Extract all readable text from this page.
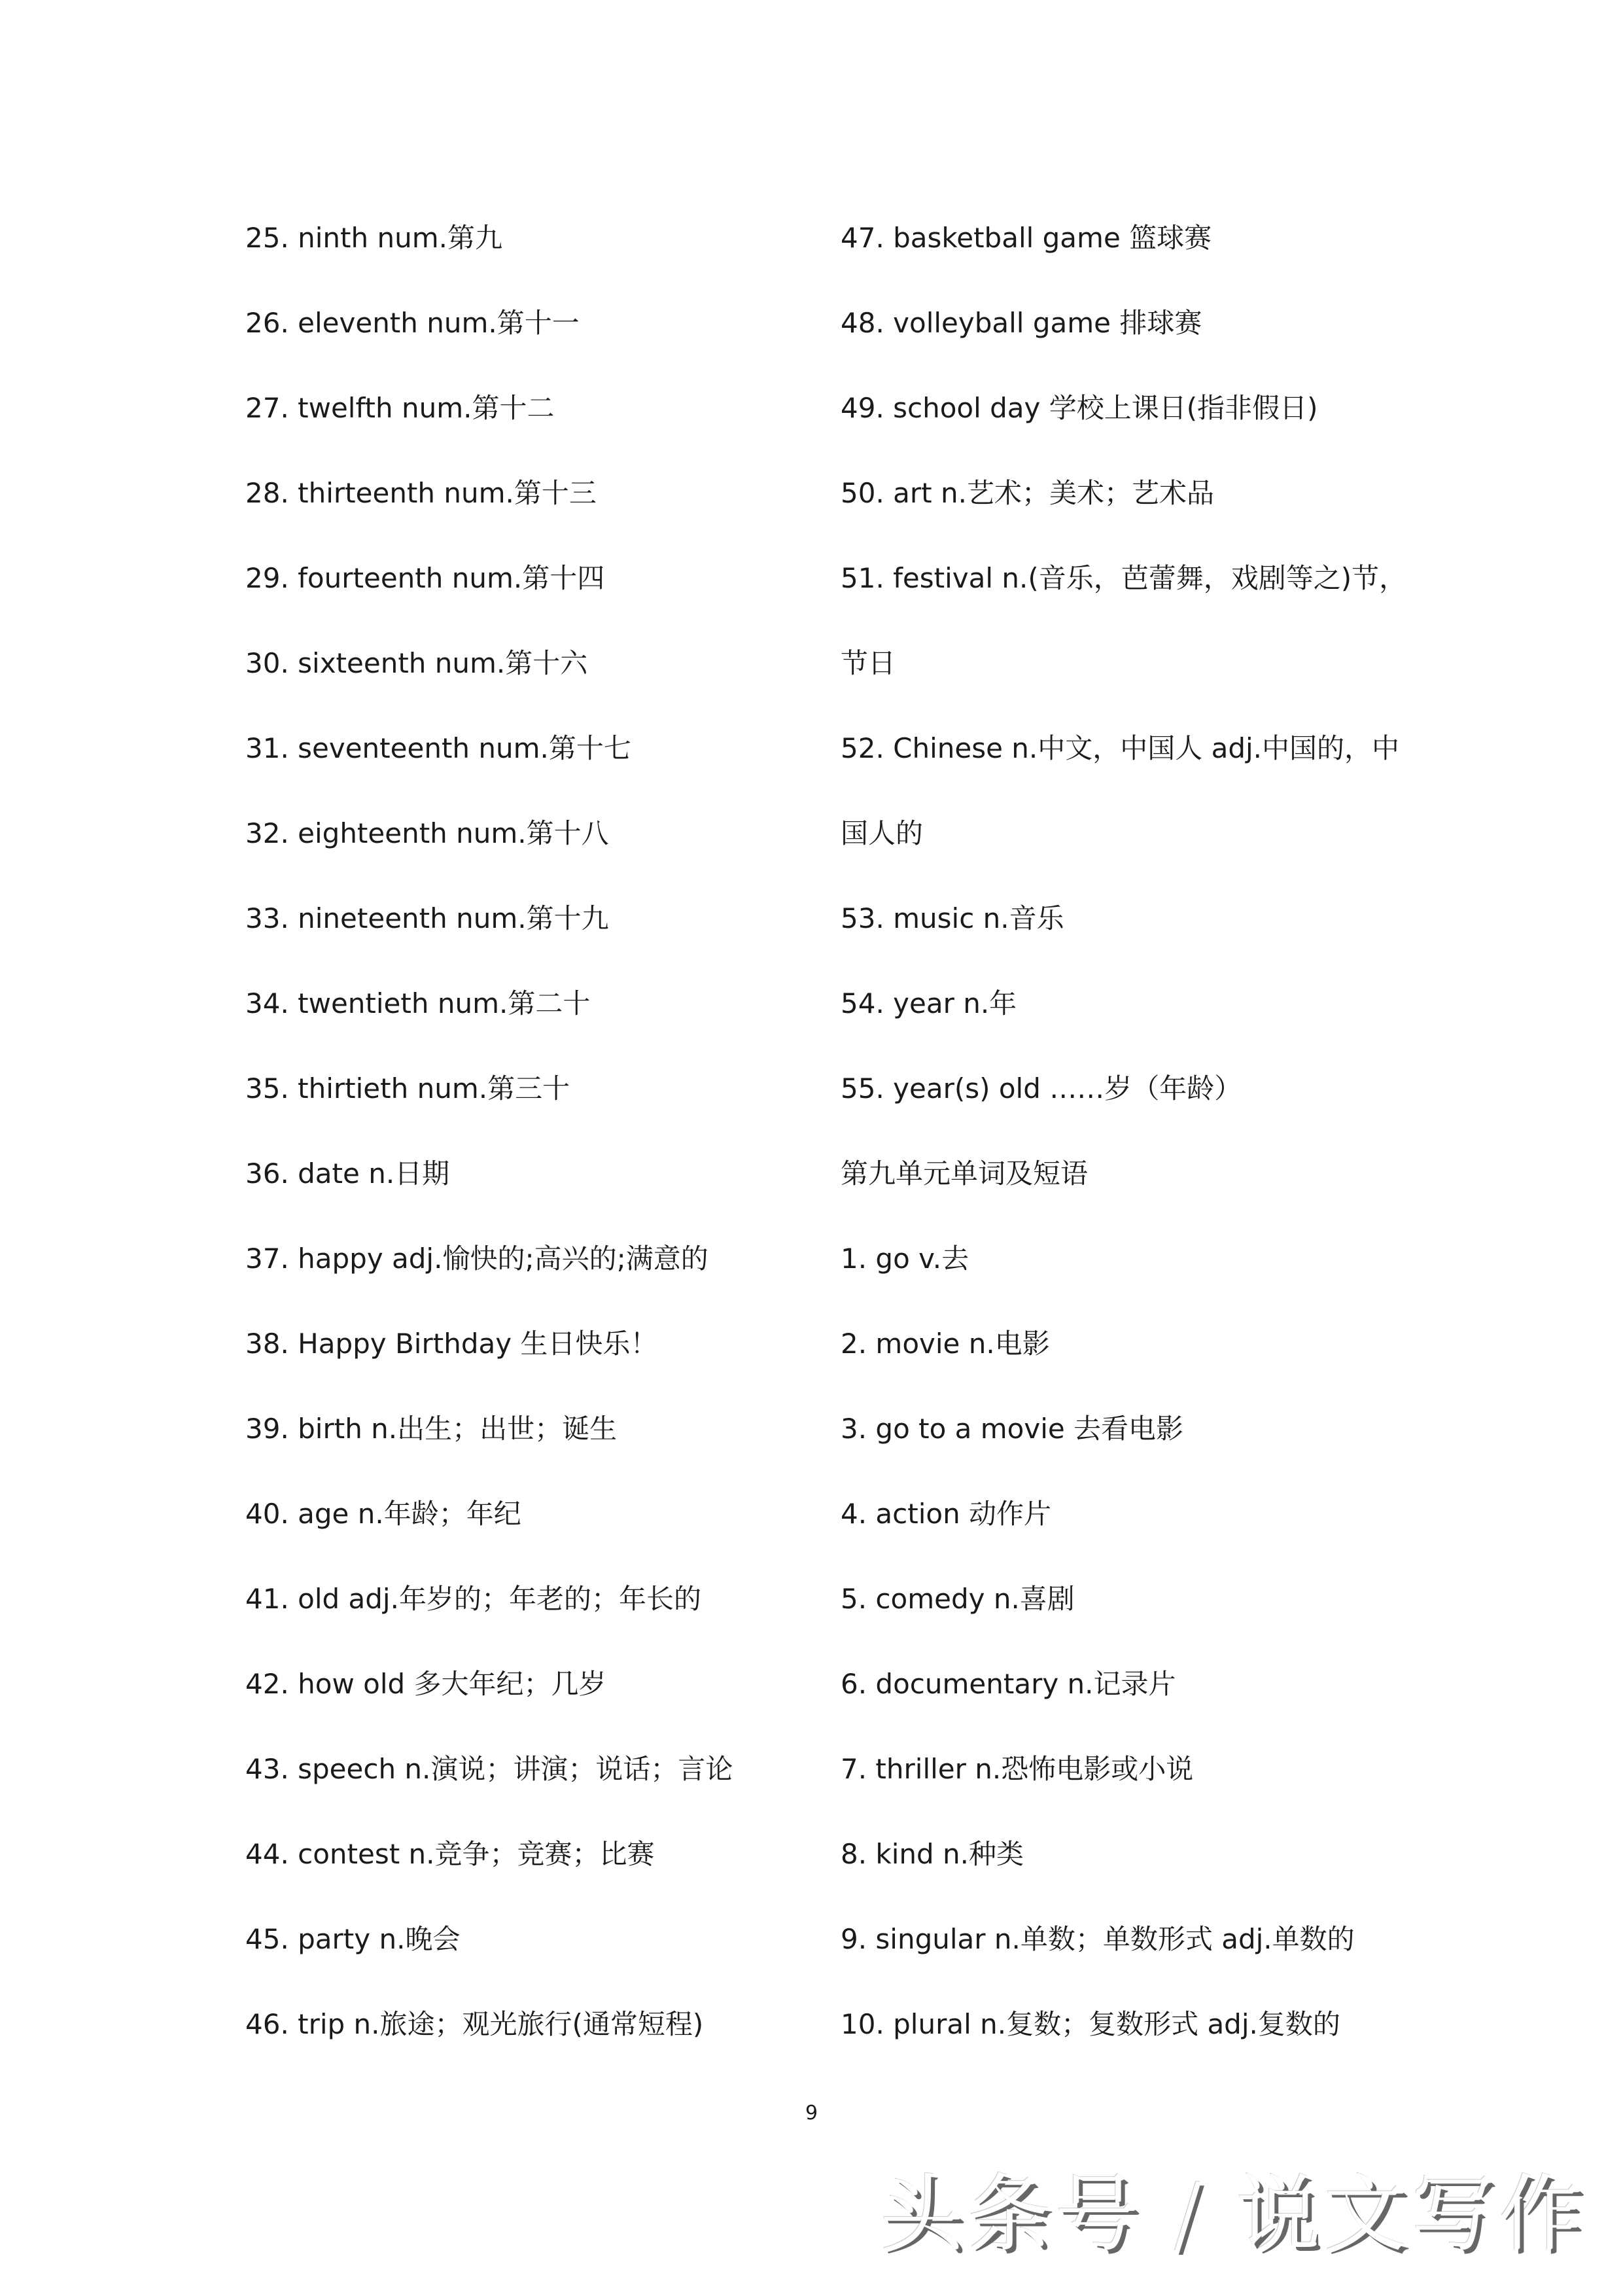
25. ninth num.第九
26. eleventh num.第十一
27. twelfth num.第十二
28. thirteenth num.第十三
29. fourteenth num.第十四
30. sixteenth num.第十六
31. seventeenth num.第十七
32. eighteenth num.第十八
33. nineteenth num.第十九
34. twentieth num.第二十
35. thirtieth num.第三十
36. date n.日期
37. happy adj.愉快的;高兴的;满意的
38. Happy Birthday 生日快乐！
39. birth n.出生；出世；诞生
40. age n.年龄；年纪
41. old adj.年岁的；年老的；年长的
42. how old 多大年纪；几岁
43. speech n.演说；讲演；说话；言论
44. contest n.竞争；竞赛；比赛
45. party n.晚会
46. trip n.旅途；观光旅行(通常短程)
47. basketball game 篮球赛
48. volleyball game 排球赛
49. school day 学校上课日(指非假日)
50. art n.艺术；美术；艺术品
51. festival n.(音乐，芭蕾舞，戏剧等之)节，
节日
52. Chinese n.中文，中国人 adj.中国的，中
国人的
53. music n.音乐
54. year n.年
55. year(s) old ……岁（年龄）
第九单元单词及短语
1. go v.去
2. movie n.电影
3. go to a movie 去看电影
4. action 动作片
5. comedy n.喜剧
6. documentary n.记录片
7. thriller n.恐怖电影或小说
8. kind n.种类
9. singular n.单数；单数形式 adj.单数的
10. plural n.复数；复数形式 adj.复数的
9
头条号 / 说文写作
